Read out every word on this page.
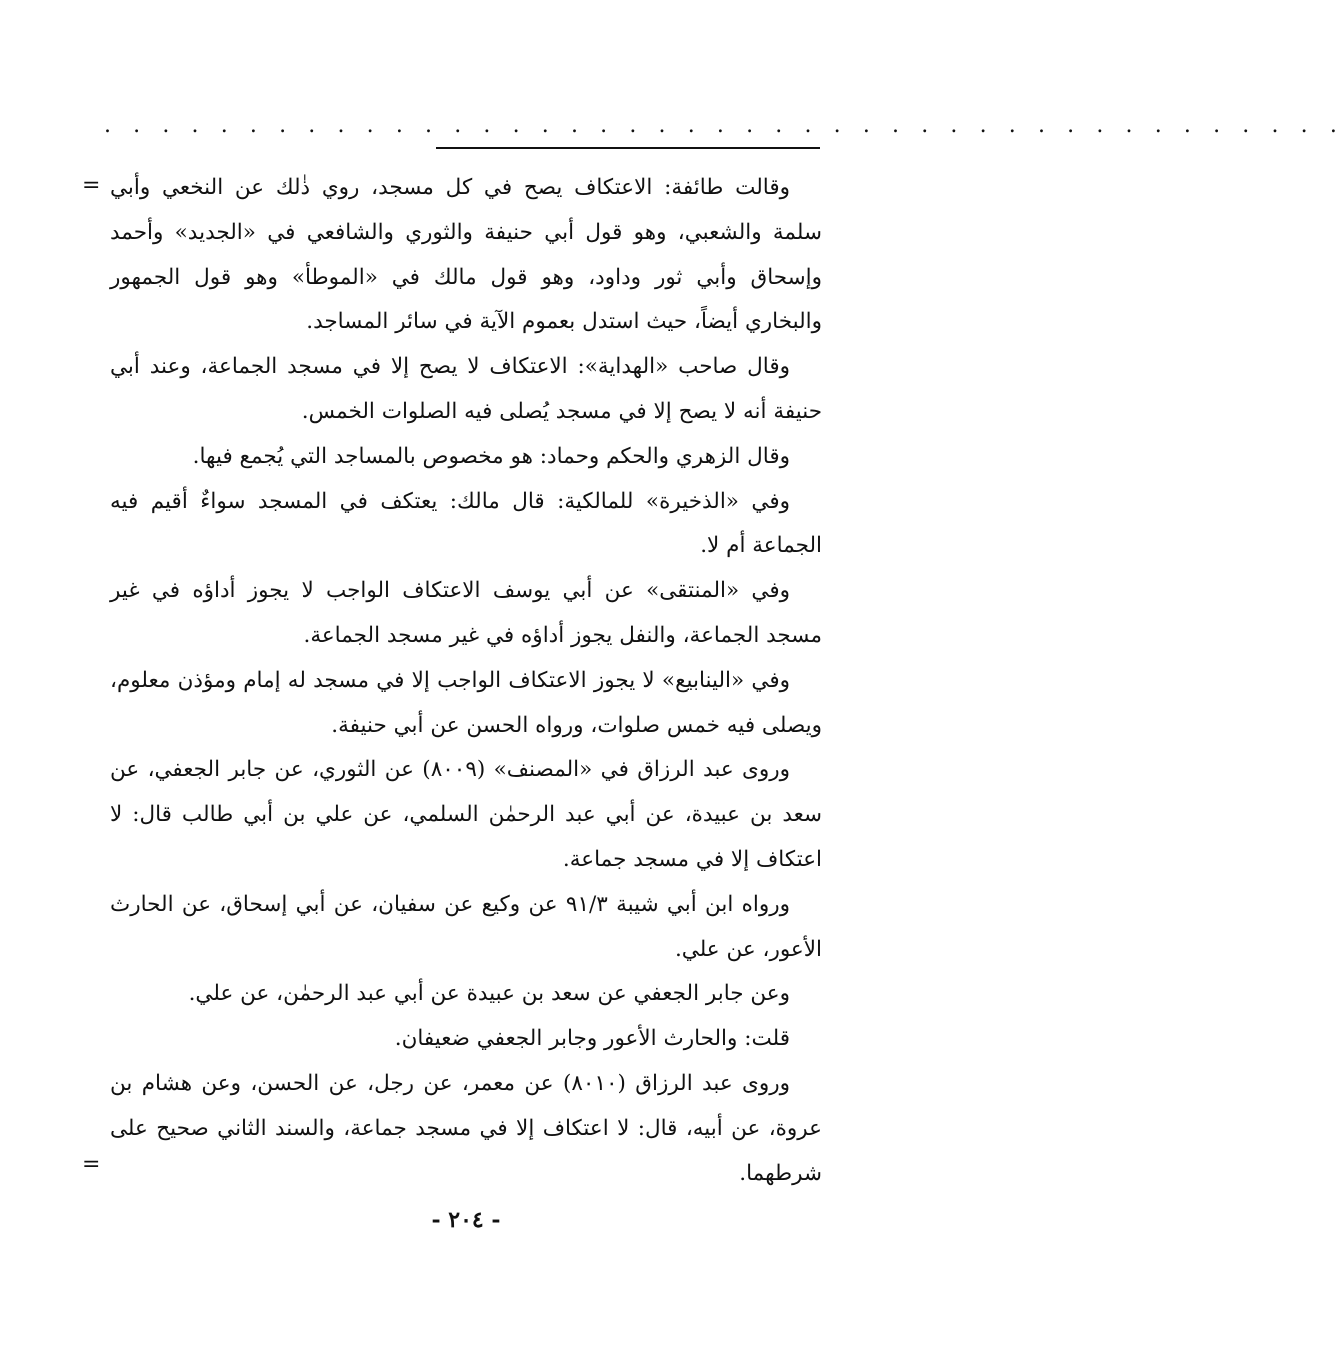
. . . . . . . . . . . . . . . . . . . . . . . . . . . . . . . . . . . . . . . . . . .
= وقالت طائفة: الاعتكاف يصح في كل مسجد، روي ذٰلك عن النخعي وأبي سلمة والشعبي، وهو قول أبي حنيفة والثوري والشافعي في «الجديد» وأحمد وإسحاق وأبي ثور وداود، وهو قول مالك في «الموطأ» وهو قول الجمهور والبخاري أيضاً، حيث استدل بعموم الآية في سائر المساجد.

وقال صاحب «الهداية»: الاعتكاف لا يصح إلا في مسجد الجماعة، وعند أبي حنيفة أنه لا يصح إلا في مسجد يُصلى فيه الصلوات الخمس.

وقال الزهري والحكم وحماد: هو مخصوص بالمساجد التي يُجمع فيها.

وفي «الذخيرة» للمالكية: قال مالك: يعتكف في المسجد سواءٌ أقيم فيه الجماعة أم لا.

وفي «المنتقى» عن أبي يوسف الاعتكاف الواجب لا يجوز أداؤه في غير مسجد الجماعة، والنفل يجوز أداؤه في غير مسجد الجماعة.

وفي «الينابيع» لا يجوز الاعتكاف الواجب إلا في مسجد له إمام ومؤذن معلوم، ويصلى فيه خمس صلوات، ورواه الحسن عن أبي حنيفة.

وروى عبد الرزاق في «المصنف» (٨٠٠٩) عن الثوري، عن جابر الجعفي، عن سعد بن عبيدة، عن أبي عبد الرحمٰن السلمي، عن علي بن أبي طالب قال: لا اعتكاف إلا في مسجد جماعة.

ورواه ابن أبي شيبة ٩١/٣ عن وكيع عن سفيان، عن أبي إسحاق، عن الحارث الأعور، عن علي.

وعن جابر الجعفي عن سعد بن عبيدة عن أبي عبد الرحمٰن، عن علي.

قلت: والحارث الأعور وجابر الجعفي ضعيفان.

وروى عبد الرزاق (٨٠١٠) عن معمر، عن رجل، عن الحسن، وعن هشام بن عروة، عن أبيه، قال: لا اعتكاف إلا في مسجد جماعة، والسند الثاني صحيح على شرطهما.

=
- ٢٠٤ -
